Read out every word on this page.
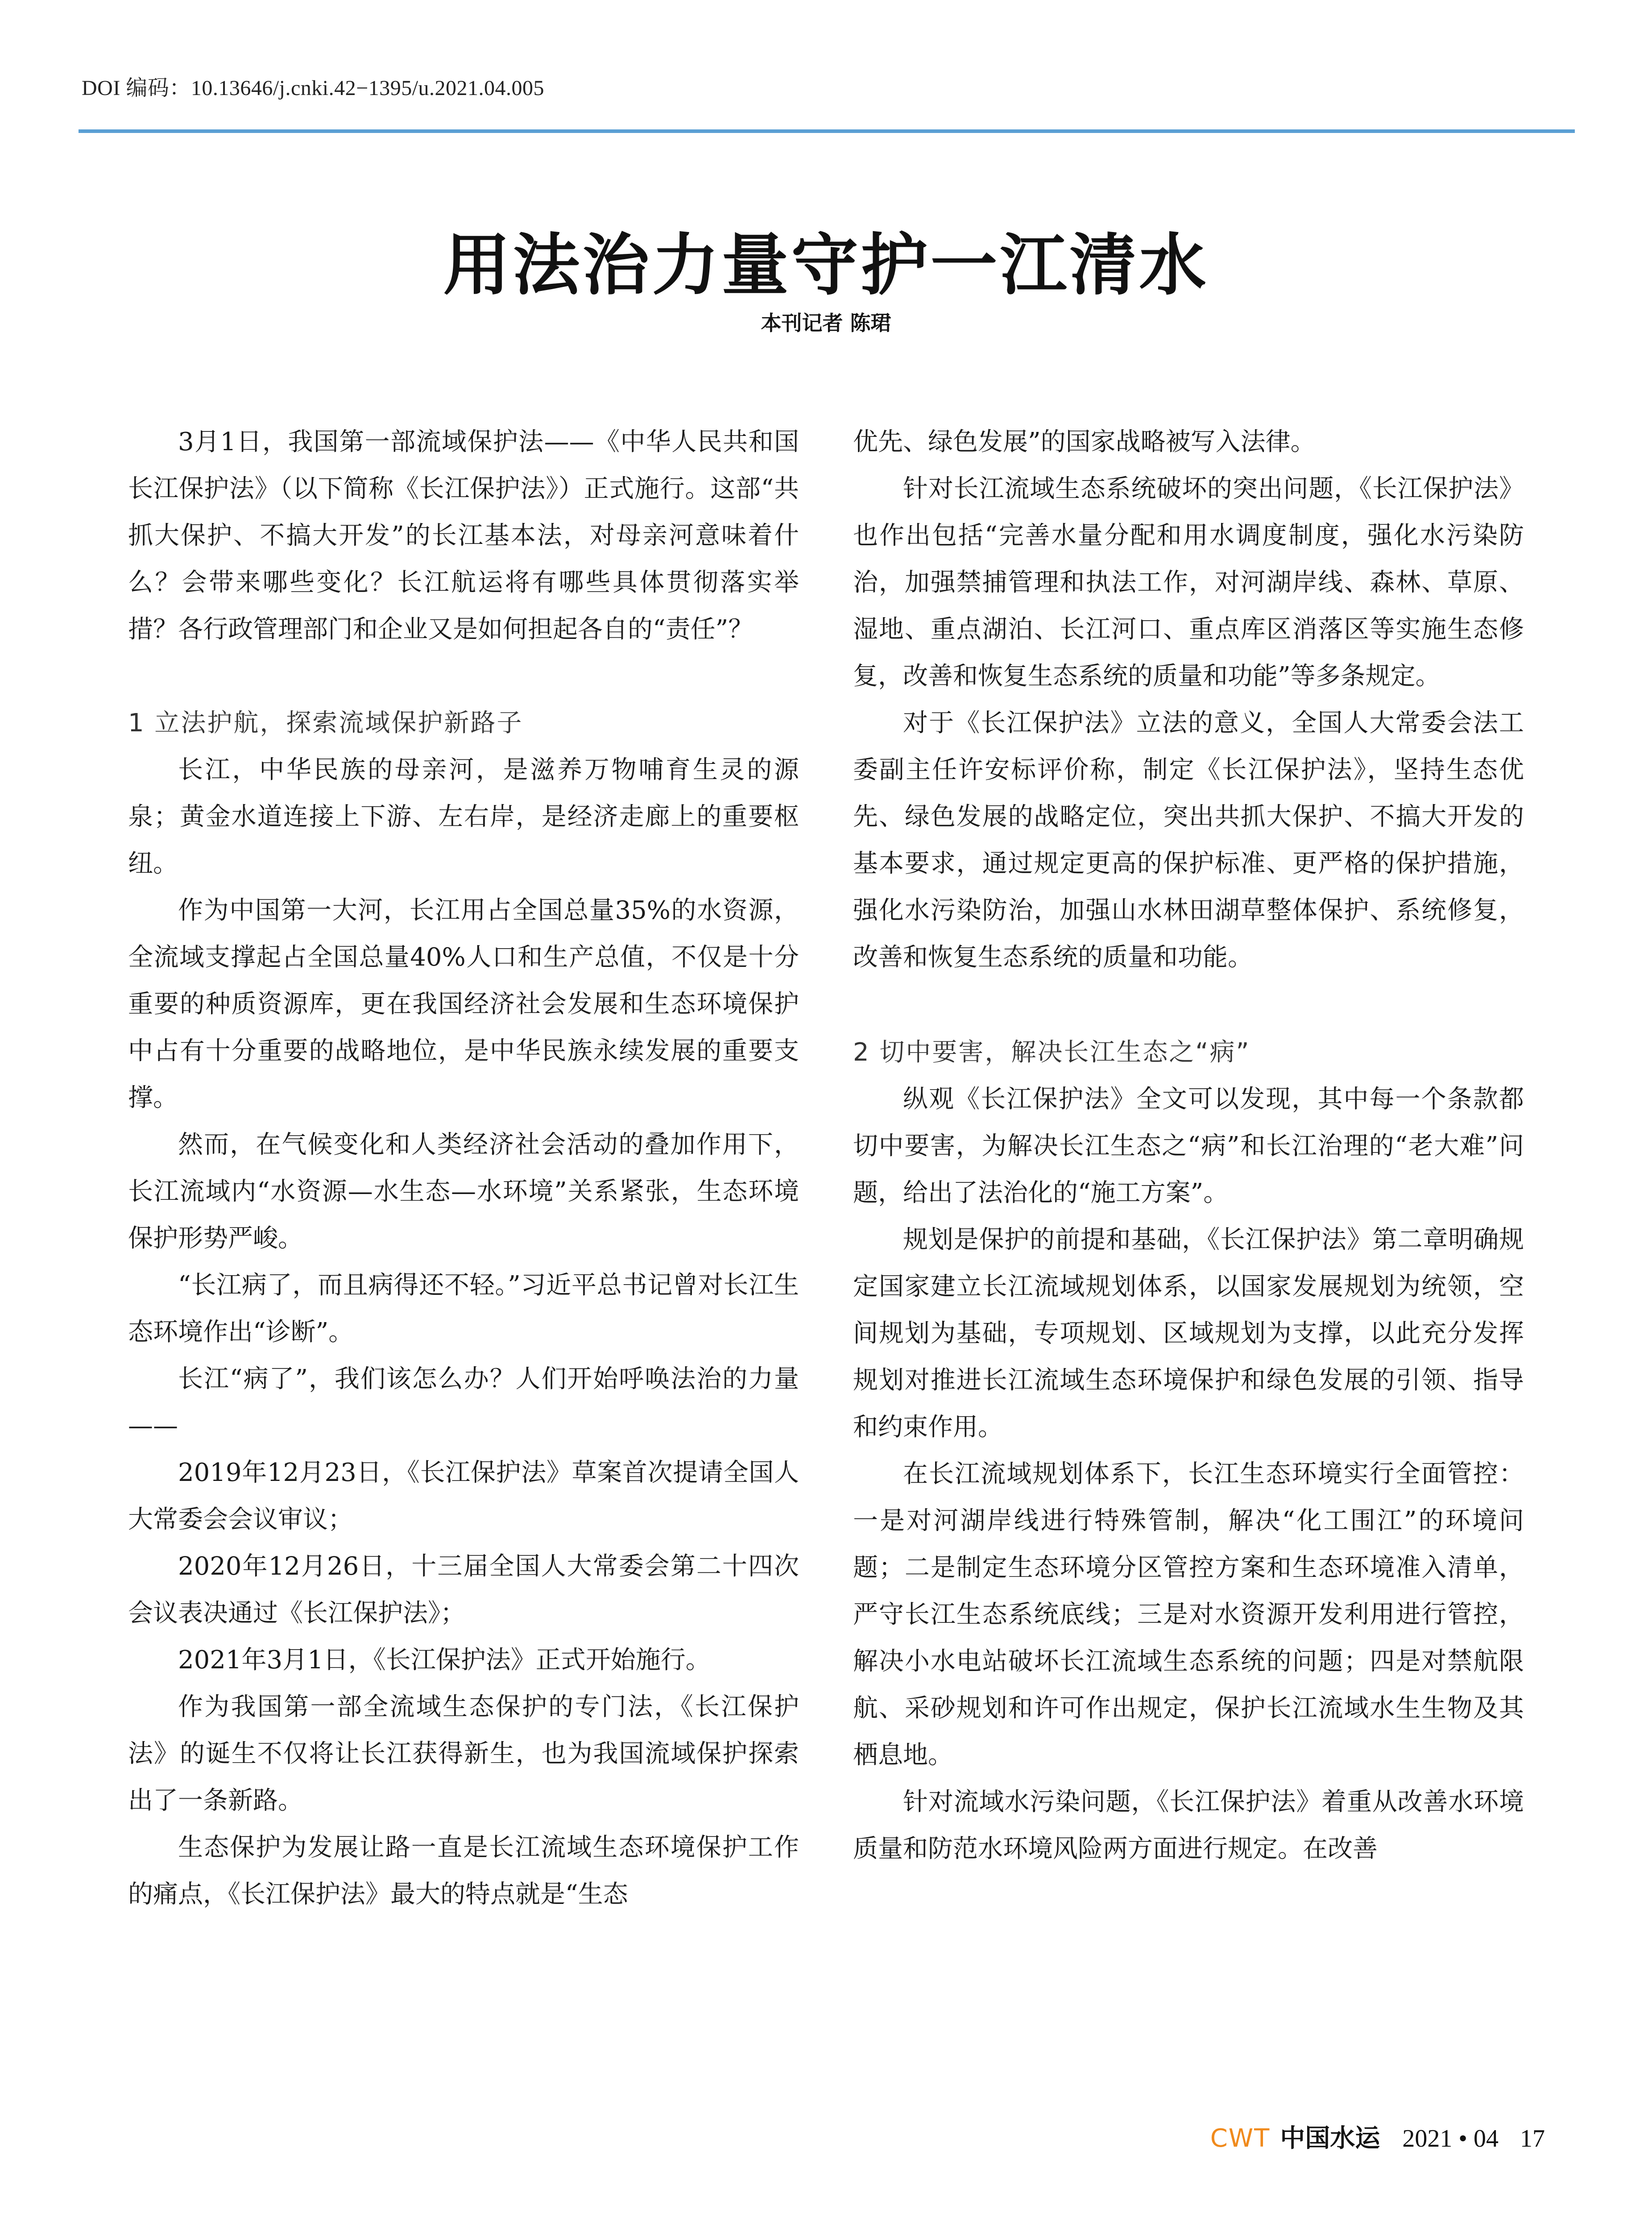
DOI 编码：10.13646/j.cnki.42−1395/u.2021.04.005
用法治力量守护一江清水
本刊记者 陈珺

3月1日，我国第一部流域保护法——《中华人民共和国长江保护法》（以下简称《长江保护法》）正式施行。这部“共抓大保护、不搞大开发”的长江基本法，对母亲河意味着什么？会带来哪些变化？长江航运将有哪些具体贯彻落实举措？各行政管理部门和企业又是如何担起各自的“责任”？

1 立法护航，探索流域保护新路子

长江，中华民族的母亲河，是滋养万物哺育生灵的源泉；黄金水道连接上下游、左右岸，是经济走廊上的重要枢纽。

作为中国第一大河，长江用占全国总量35%的水资源，全流域支撑起占全国总量40%人口和生产总值，不仅是十分重要的种质资源库，更在我国经济社会发展和生态环境保护中占有十分重要的战略地位，是中华民族永续发展的重要支撑。

然而，在气候变化和人类经济社会活动的叠加作用下，长江流域内“水资源—水生态—水环境”关系紧张，生态环境保护形势严峻。

“长江病了，而且病得还不轻。”习近平总书记曾对长江生态环境作出“诊断”。

长江“病了”，我们该怎么办？人们开始呼唤法治的力量——

2019年12月23日，《长江保护法》草案首次提请全国人大常委会会议审议；

2020年12月26日，十三届全国人大常委会第二十四次会议表决通过《长江保护法》；

2021年3月1日，《长江保护法》正式开始施行。

作为我国第一部全流域生态保护的专门法，《长江保护法》的诞生不仅将让长江获得新生，也为我国流域保护探索出了一条新路。

生态保护为发展让路一直是长江流域生态环境保护工作的痛点，《长江保护法》最大的特点就是“生态

优先、绿色发展”的国家战略被写入法律。

针对长江流域生态系统破坏的突出问题，《长江保护法》也作出包括“完善水量分配和用水调度制度，强化水污染防治，加强禁捕管理和执法工作，对河湖岸线、森林、草原、湿地、重点湖泊、长江河口、重点库区消落区等实施生态修复，改善和恢复生态系统的质量和功能”等多条规定。

对于《长江保护法》立法的意义，全国人大常委会法工委副主任许安标评价称，制定《长江保护法》，坚持生态优先、绿色发展的战略定位，突出共抓大保护、不搞大开发的基本要求，通过规定更高的保护标准、更严格的保护措施，强化水污染防治，加强山水林田湖草整体保护、系统修复，改善和恢复生态系统的质量和功能。

2 切中要害，解决长江生态之“病”

纵观《长江保护法》全文可以发现，其中每一个条款都切中要害，为解决长江生态之“病”和长江治理的“老大难”问题，给出了法治化的“施工方案”。

规划是保护的前提和基础，《长江保护法》第二章明确规定国家建立长江流域规划体系，以国家发展规划为统领，空间规划为基础，专项规划、区域规划为支撑，以此充分发挥规划对推进长江流域生态环境保护和绿色发展的引领、指导和约束作用。

在长江流域规划体系下，长江生态环境实行全面管控：一是对河湖岸线进行特殊管制，解决“化工围江”的环境问题；二是制定生态环境分区管控方案和生态环境准入清单，严守长江生态系统底线；三是对水资源开发利用进行管控，解决小水电站破坏长江流域生态系统的问题；四是对禁航限航、采砂规划和许可作出规定，保护长江流域水生生物及其栖息地。

针对流域水污染问题，《长江保护法》着重从改善水环境质量和防范水环境风险两方面进行规定。在改善

CWT 中国水运 2021 • 04 17
